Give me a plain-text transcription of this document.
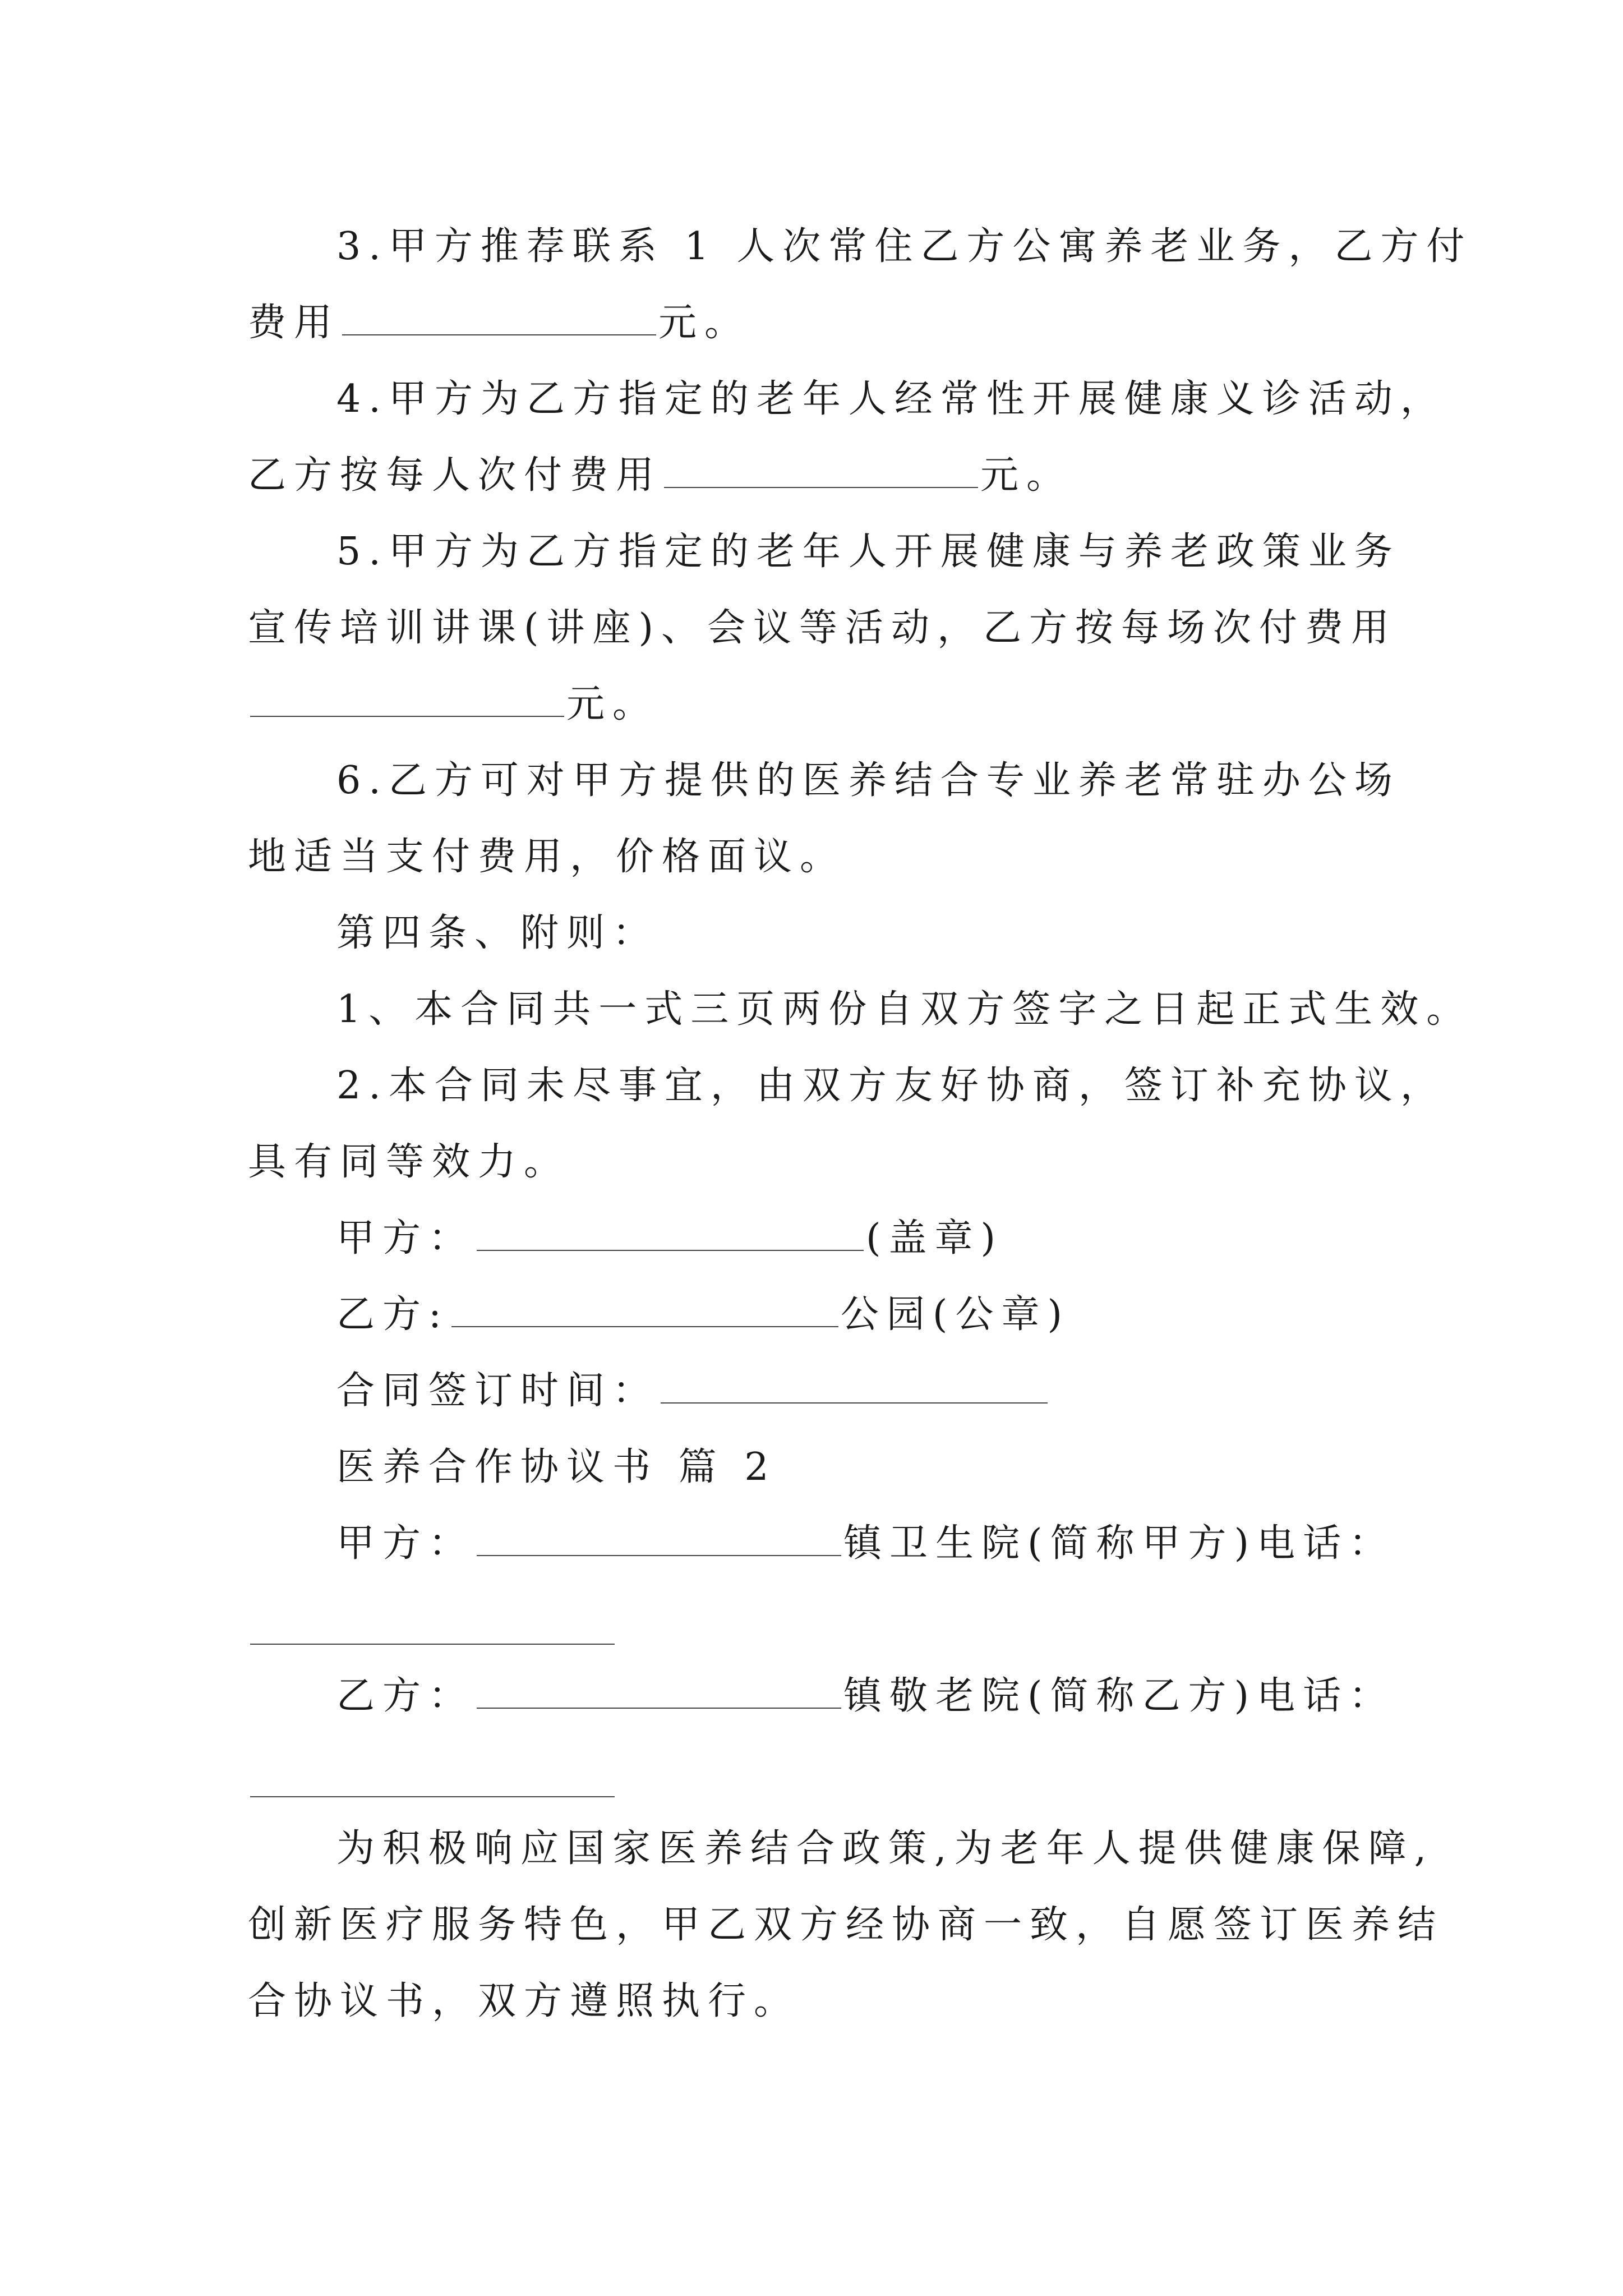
3.甲方推荐联系 1 人次常住乙方公寓养老业务，乙方付
费用	元。
4.甲方为乙方指定的老年人经常性开展健康义诊活动，
乙方按每人次付费用	元。
5.甲方为乙方指定的老年人开展健康与养老政策业务
宣传培训讲课(讲座)、会议等活动，乙方按每场次付费用
元。
6.乙方可对甲方提供的医养结合专业养老常驻办公场
地适当支付费用，价格面议。
第四条、附则：
1、本合同共一式三页两份自双方签字之日起正式生效。
2.本合同未尽事宜，由双方友好协商，签订补充协议，
具有同等效力。
甲方：	(盖章)
乙方:	公园(公章)
合同签订时间：
医养合作协议书 篇 2
甲方：	镇卫生院(简称甲方)电话：
乙方：	镇敬老院(简称乙方)电话：
为积极响应国家医养结合政策,为老年人提供健康保障,
创新医疗服务特色，甲乙双方经协商一致，自愿签订医养结
合协议书，双方遵照执行。
